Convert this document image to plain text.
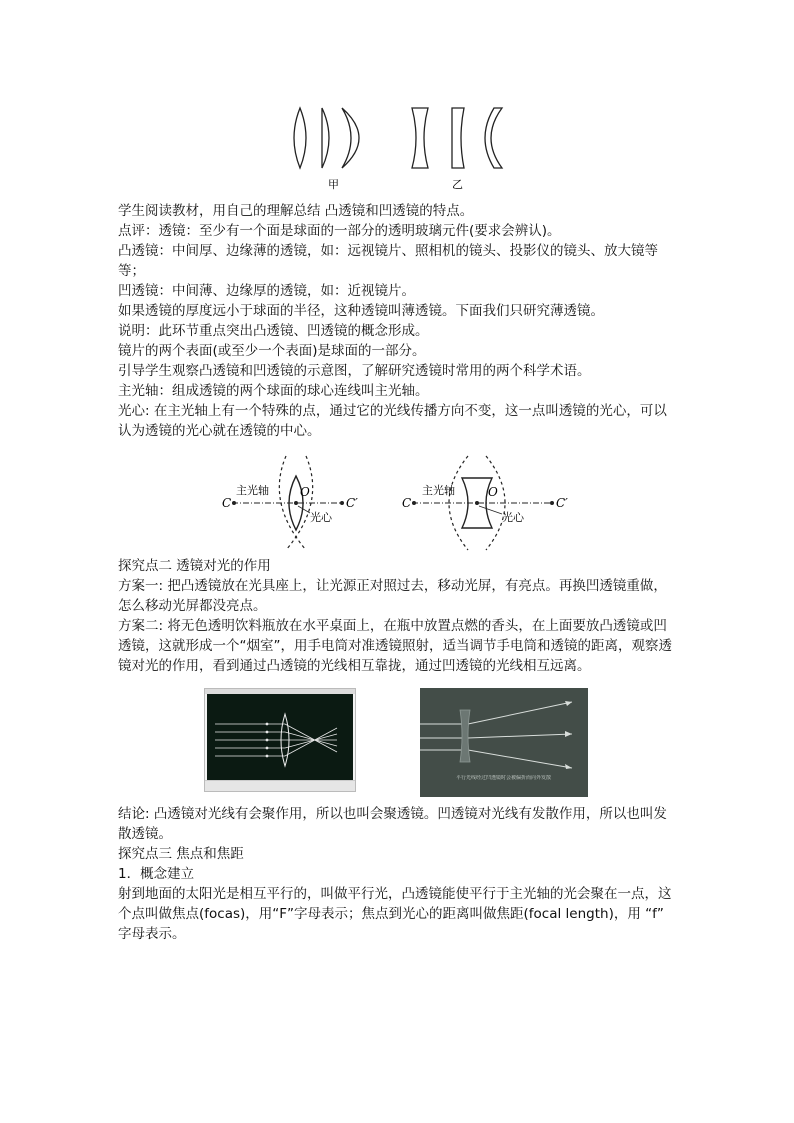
甲	乙
学生阅读教材，用自己的理解总结 凸透镜和凹透镜的特点。
点评：透镜：至少有一个面是球面的一部分的透明玻璃元件(要求会辨认)。
凸透镜：中间厚、边缘薄的透镜，如：远视镜片、照相机的镜头、投影仪的镜头、放大镜等等；
凹透镜：中间薄、边缘厚的透镜，如：近视镜片。
如果透镜的厚度远小于球面的半径，这种透镜叫薄透镜。下面我们只研究薄透镜。
说明：此环节重点突出凸透镜、凹透镜的概念形成。
镜片的两个表面(或至少一个表面)是球面的一部分。
引导学生观察凸透镜和凹透镜的示意图，了解研究透镜时常用的两个科学术语。
主光轴：组成透镜的两个球面的球心连线叫主光轴。
光心: 在主光轴上有一个特殊的点，通过它的光线传播方向不变，这一点叫透镜的光心，可以认为透镜的光心就在透镜的中心。
C	C′
主光轴	O
光心
C	C′
主光轴	O
光心
探究点二 透镜对光的作用
方案一: 把凸透镜放在光具座上，让光源正对照过去，移动光屏，有亮点。再换凹透镜重做，怎么移动光屏都没亮点。
方案二: 将无色透明饮料瓶放在水平桌面上，在瓶中放置点燃的香头，在上面要放凸透镜或凹透镜，这就形成一个“烟室”，用手电筒对准透镜照射，适当调节手电筒和透镜的距离，观察透镜对光的作用，看到通过凸透镜的光线相互靠拢，通过凹透镜的光线相互远离。
平行光线经过凹透镜时会被偏折而向外发散
结论: 凸透镜对光线有会聚作用，所以也叫会聚透镜。凹透镜对光线有发散作用，所以也叫发散透镜。
探究点三 焦点和焦距
1．概念建立
射到地面的太阳光是相互平行的，叫做平行光，凸透镜能使平行于主光轴的光会聚在一点，这个点叫做焦点(focas)，用“F”字母表示；焦点到光心的距离叫做焦距(focal length)，用 “f” 字母表示。
